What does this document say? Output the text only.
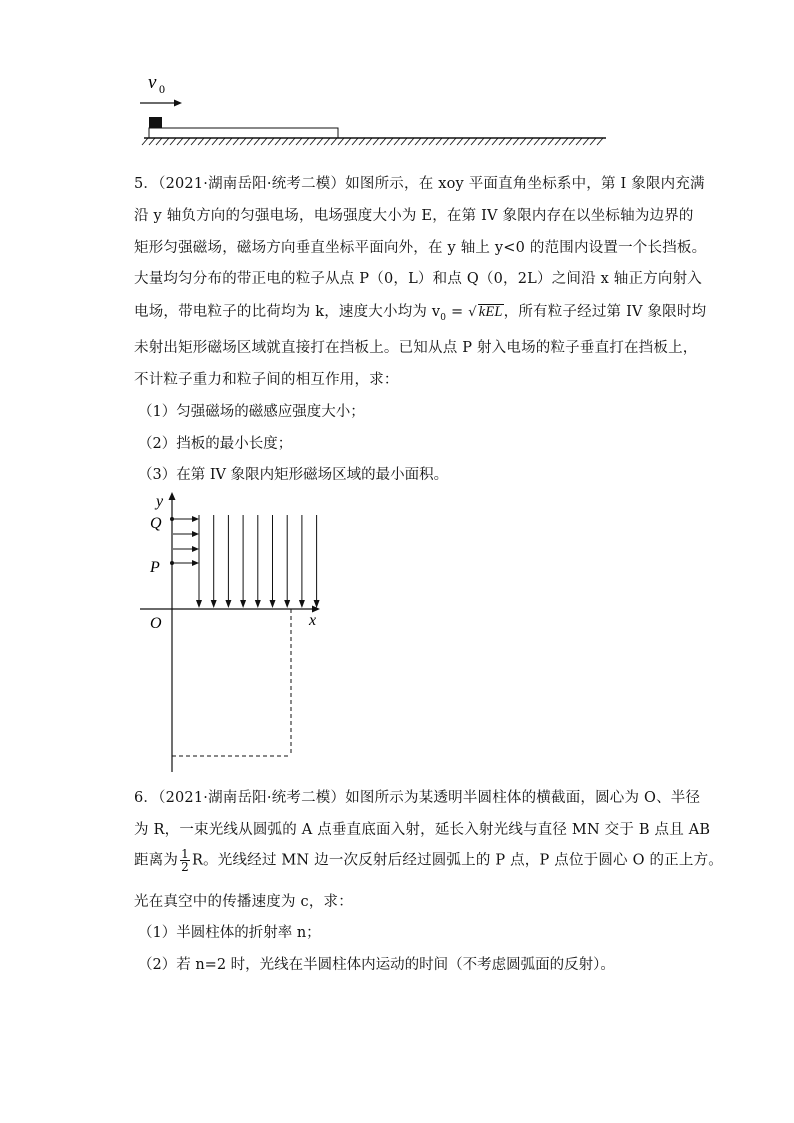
v 0
5．（2021·湖南岳阳·统考二模）如图所示，在 xoy 平面直角坐标系中，第 I 象限内充满
沿 y 轴负方向的匀强电场，电场强度大小为 E，在第 IV 象限内存在以坐标轴为边界的
矩形匀强磁场，磁场方向垂直坐标平面向外，在 y 轴上 y<0 的范围内设置一个长挡板。
大量均匀分布的带正电的粒子从点 P（0，L）和点 Q（0，2L）之间沿 x 轴正方向射入
电场，带电粒子的比荷均为 k，速度大小均为 $v_0$ = √ kEL，所有粒子经过第 IV 象限时均
未射出矩形磁场区域就直接打在挡板上。已知从点 P 射入电场的粒子垂直打在挡板上，
不计粒子重力和粒子间的相互作用，求：
（1）匀强磁场的磁感应强度大小；
（2）挡板的最小长度；
（3）在第 IV 象限内矩形磁场区域的最小面积。
y
x
O
Q
P
6．（2021·湖南岳阳·统考二模）如图所示为某透明半圆柱体的横截面，圆心为 O、半径
为 R，一束光线从圆弧的 A 点垂直底面入射，延长入射光线与直径 MN 交于 B 点且 AB
距离为 $\frac{1}{2}$ R。光线经过 MN 边一次反射后经过圆弧上的 P 点，P 点位于圆心 O 的正上方。
光在真空中的传播速度为 c，求：
（1）半圆柱体的折射率 n；
（2）若 n=2 时，光线在半圆柱体内运动的时间（不考虑圆弧面的反射）。
